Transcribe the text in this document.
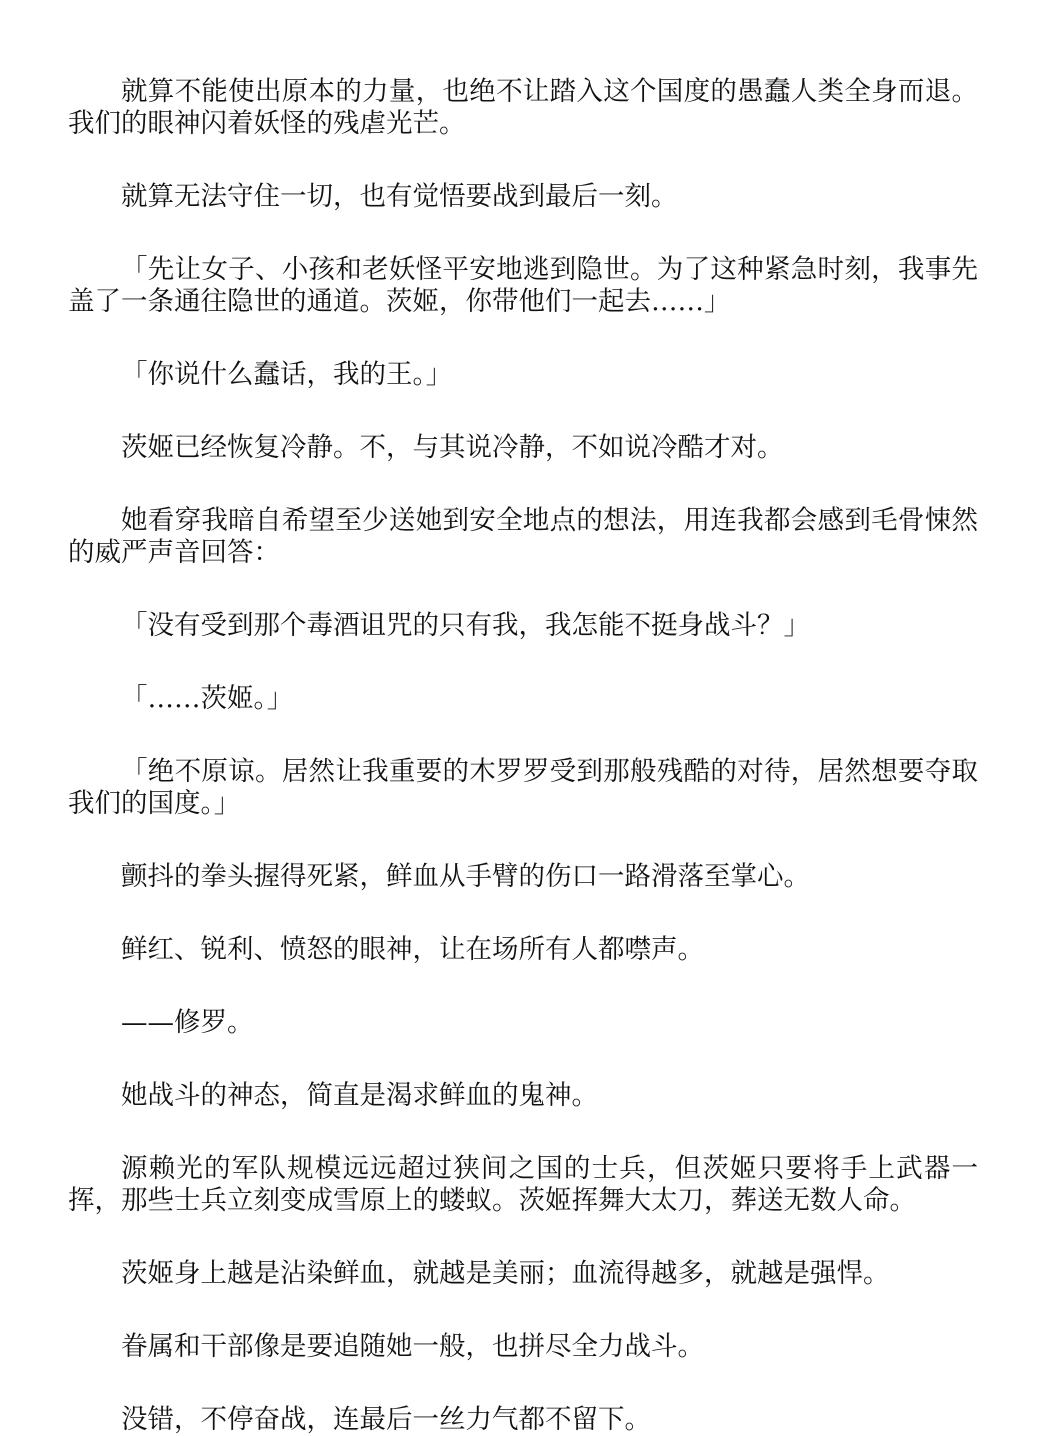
就算不能使出原本的力量，也绝不让踏入这个国度的愚蠢人类全身而退。我们的眼神闪着妖怪的残虐光芒。

就算无法守住一切，也有觉悟要战到最后一刻。

「先让女子、小孩和老妖怪平安地逃到隐世。为了这种紧急时刻，我事先盖了一条通往隐世的通道。茨姬，你带他们一起去……」

「你说什么蠢话，我的王。」

茨姬已经恢复冷静。不，与其说冷静，不如说冷酷才对。

她看穿我暗自希望至少送她到安全地点的想法，用连我都会感到毛骨悚然的威严声音回答：

「没有受到那个毒酒诅咒的只有我，我怎能不挺身战斗？」

「……茨姬。」

「绝不原谅。居然让我重要的木罗罗受到那般残酷的对待，居然想要夺取我们的国度。」

颤抖的拳头握得死紧，鲜血从手臂的伤口一路滑落至掌心。

鲜红、锐利、愤怒的眼神，让在场所有人都噤声。

——修罗。

她战斗的神态，简直是渴求鲜血的鬼神。

源赖光的军队规模远远超过狭间之国的士兵，但茨姬只要将手上武器一挥，那些士兵立刻变成雪原上的蝼蚁。茨姬挥舞大太刀，葬送无数人命。

茨姬身上越是沾染鲜血，就越是美丽；血流得越多，就越是强悍。

眷属和干部像是要追随她一般，也拼尽全力战斗。

没错，不停奋战，连最后一丝力气都不留下。
